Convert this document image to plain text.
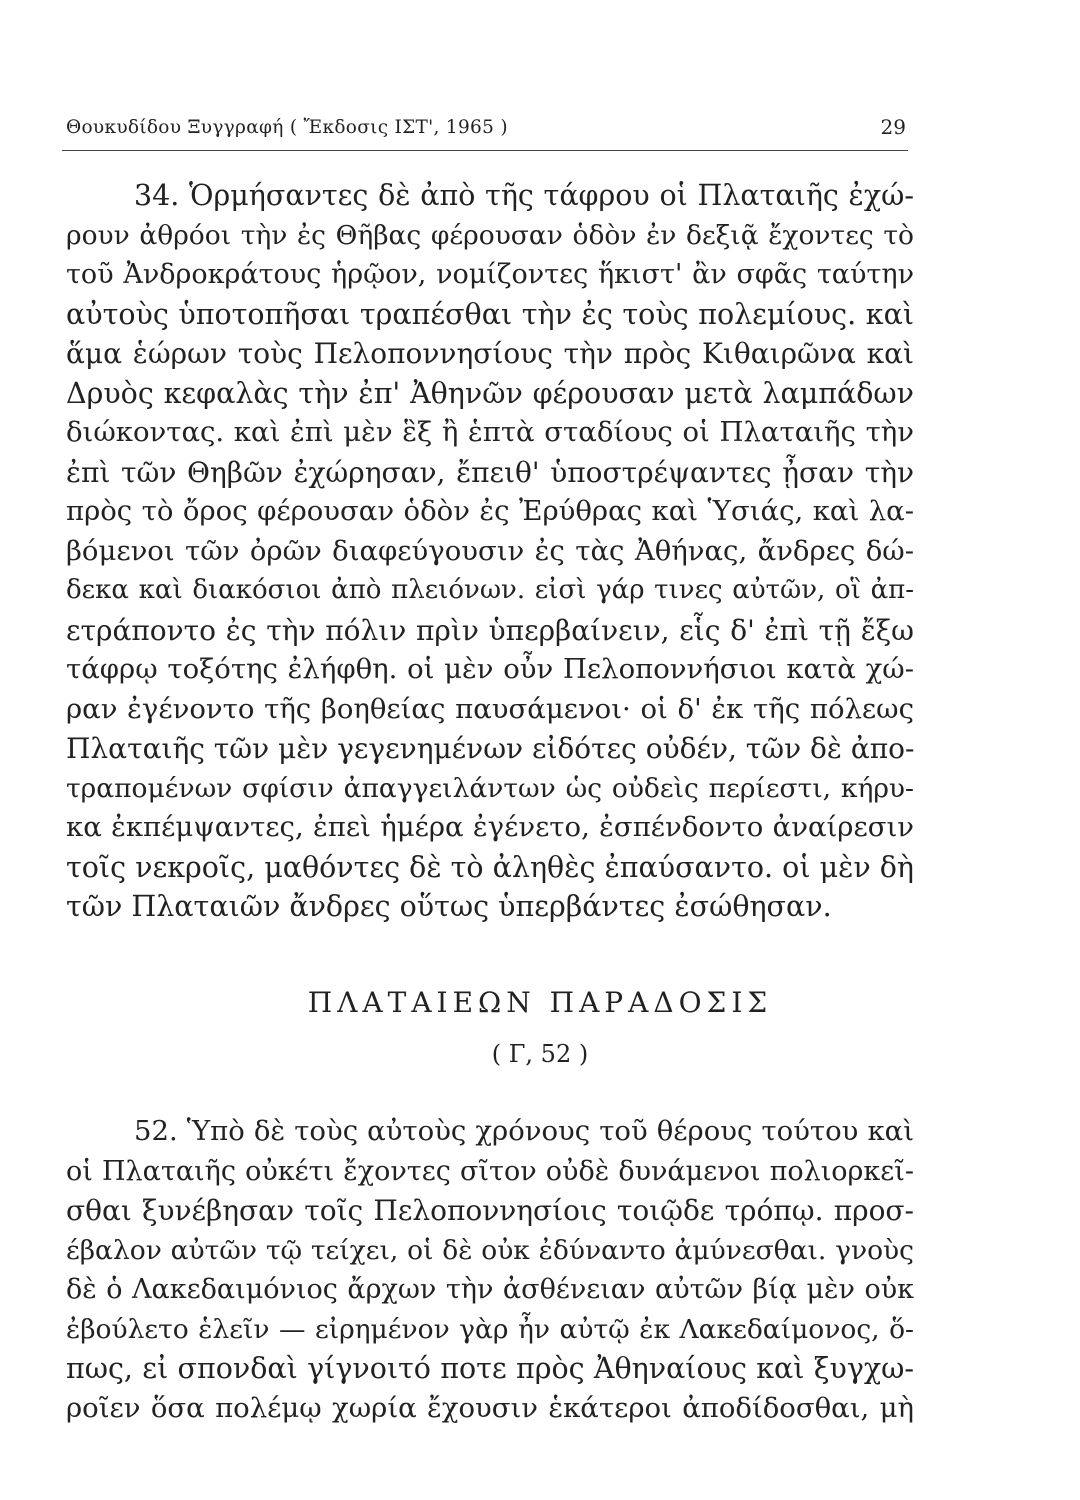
Θουκυδίδου Ξυγγραφή ( Ἔκδοσις ΙΣΤ', 1965 )	29
34. Ὁρμήσαντες δὲ ἀπὸ τῆς τάφρου οἱ Πλαταιῆς ἐχώ-
ρουν ἀθρόοι τὴν ἐς Θῆβας φέρουσαν ὁδὸν ἐν δεξιᾷ ἔχοντες τὸ
τοῦ Ἀνδροκράτους ἡρῷον, νομίζοντες ἥκιστ' ἂν σφᾶς ταύτην
αὐτοὺς ὑποτοπῆσαι τραπέσθαι τὴν ἐς τοὺς πολεμίους. καὶ
ἅμα ἑώρων τοὺς Πελοποννησίους τὴν πρὸς Κιθαιρῶνα καὶ
Δρυὸς κεφαλὰς τὴν ἐπ' Ἀθηνῶν φέρουσαν μετὰ λαμπάδων
διώκοντας. καὶ ἐπὶ μὲν ἓξ ἢ ἑπτὰ σταδίους οἱ Πλαταιῆς τὴν
ἐπὶ τῶν Θηβῶν ἐχώρησαν, ἔπειθ' ὑποστρέψαντες ᾖσαν τὴν
πρὸς τὸ ὄρος φέρουσαν ὁδὸν ἐς Ἐρύθρας καὶ Ὑσιάς, καὶ λα-
βόμενοι τῶν ὀρῶν διαφεύγουσιν ἐς τὰς Ἀθήνας, ἄνδρες δώ-
δεκα καὶ διακόσιοι ἀπὸ πλειόνων. εἰσὶ γάρ τινες αὐτῶν, οἳ ἀπ-
ετράποντο ἐς τὴν πόλιν πρὶν ὑπερβαίνειν, εἷς δ' ἐπὶ τῇ ἔξω
τάφρῳ τοξότης ἐλήφθη. οἱ μὲν οὖν Πελοποννήσιοι κατὰ χώ-
ραν ἐγένοντο τῆς βοηθείας παυσάμενοι· οἱ δ' ἐκ τῆς πόλεως
Πλαταιῆς τῶν μὲν γεγενημένων εἰδότες οὐδέν, τῶν δὲ ἀπο-
τραπομένων σφίσιν ἀπαγγειλάντων ὡς οὐδεὶς περίεστι, κήρυ-
κα ἐκπέμψαντες, ἐπεὶ ἡμέρα ἐγένετο, ἐσπένδοντο ἀναίρεσιν
τοῖς νεκροῖς, μαθόντες δὲ τὸ ἀληθὲς ἐπαύσαντο. οἱ μὲν δὴ
τῶν Πλαταιῶν ἄνδρες οὕτως ὑπερβάντες ἐσώθησαν.
ΠΛΑΤΑΙΕΩΝ ΠΑΡΑΔΟΣΙΣ
( Γ, 52 )
52. Ὑπὸ δὲ τοὺς αὐτοὺς χρόνους τοῦ θέρους τούτου καὶ
οἱ Πλαταιῆς οὐκέτι ἔχοντες σῖτον οὐδὲ δυνάμενοι πολιορκεῖ-
σθαι ξυνέβησαν τοῖς Πελοποννησίοις τοιῷδε τρόπῳ. προσ-
έβαλον αὐτῶν τῷ τείχει, οἱ δὲ οὐκ ἐδύναντο ἀμύνεσθαι. γνοὺς
δὲ ὁ Λακεδαιμόνιος ἄρχων τὴν ἀσθένειαν αὐτῶν βίᾳ μὲν οὐκ
ἐβούλετο ἑλεῖν — εἰρημένον γὰρ ἦν αὐτῷ ἐκ Λακεδαίμονος, ὅ-
πως, εἰ σπονδαὶ γίγνοιτό ποτε πρὸς Ἀθηναίους καὶ ξυγχω-
ροῖεν ὅσα πολέμῳ χωρία ἔχουσιν ἑκάτεροι ἀποδίδοσθαι, μὴ
